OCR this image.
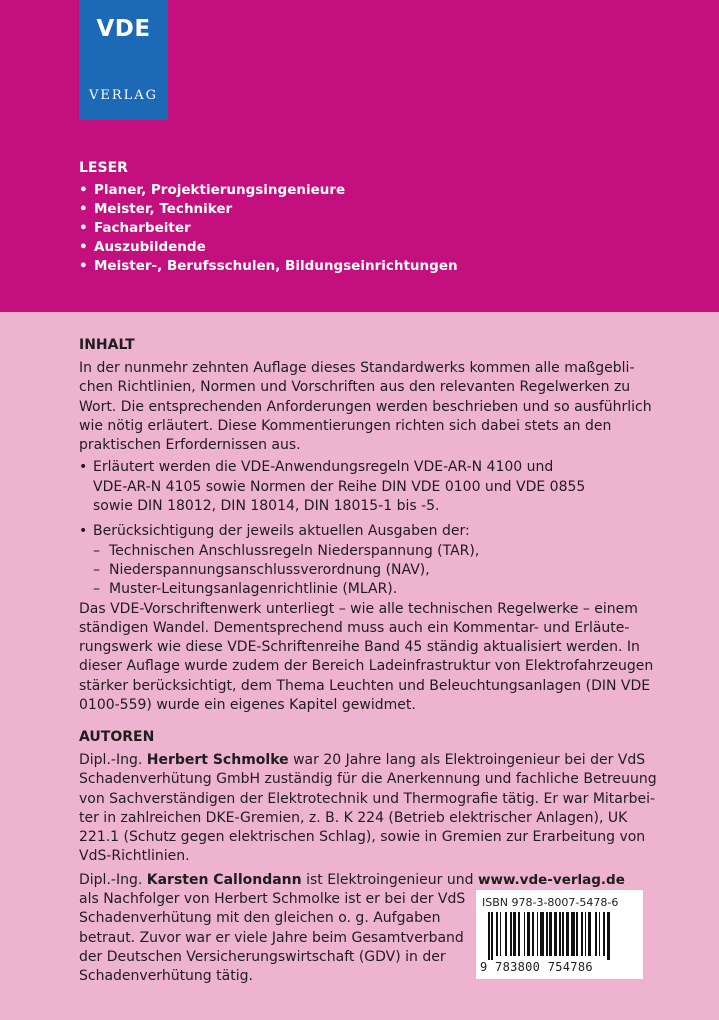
VDE
VERLAG
LESER
• Planer, Projektierungsingenieure
• Meister, Techniker
• Facharbeiter
• Auszubildende
• Meister-, Berufsschulen, Bildungseinrichtungen
INHALT
In der nunmehr zehnten Auflage dieses Standardwerks kommen alle maßgebli-
chen Richtlinien, Normen und Vorschriften aus den relevanten Regelwerken zu
Wort. Die entsprechenden Anforderungen werden beschrieben und so ausführlich
wie nötig erläutert. Diese Kommentierungen richten sich dabei stets an den
praktischen Erfordernissen aus.
• Erläutert werden die VDE-Anwendungsregeln VDE-AR-N 4100 und
VDE-AR-N 4105 sowie Normen der Reihe DIN VDE 0100 und VDE 0855
sowie DIN 18012, DIN 18014, DIN 18015-1 bis -5.
• Berücksichtigung der jeweils aktuellen Ausgaben der:
– Technischen Anschlussregeln Niederspannung (TAR),
– Niederspannungsanschlussverordnung (NAV),
– Muster-Leitungsanlagenrichtlinie (MLAR).
Das VDE-Vorschriftenwerk unterliegt – wie alle technischen Regelwerke – einem
ständigen Wandel. Dementsprechend muss auch ein Kommentar- und Erläute-
rungswerk wie diese VDE-Schriftenreihe Band 45 ständig aktualisiert werden. In
dieser Auflage wurde zudem der Bereich Ladeinfrastruktur von Elektrofahrzeugen
stärker berücksichtigt, dem Thema Leuchten und Beleuchtungsanlagen (DIN VDE
0100-559) wurde ein eigenes Kapitel gewidmet.
AUTOREN
Dipl.-Ing. Herbert Schmolke war 20 Jahre lang als Elektroingenieur bei der VdS
Schadenverhütung GmbH zuständig für die Anerkennung und fachliche Betreuung
von Sachverständigen der Elektrotechnik und Thermografie tätig. Er war Mitarbei-
ter in zahlreichen DKE-Gremien, z. B. K 224 (Betrieb elektrischer Anlagen), UK
221.1 (Schutz gegen elektrischen Schlag), sowie in Gremien zur Erarbeitung von
VdS-Richtlinien.
Dipl.-Ing. Karsten Callondann ist Elektroingenieur und
als Nachfolger von Herbert Schmolke ist er bei der VdS
Schadenverhütung mit den gleichen o. g. Aufgaben
betraut. Zuvor war er viele Jahre beim Gesamtverband
der Deutschen Versicherungswirtschaft (GDV) in der
Schadenverhütung tätig.
www.vde-verlag.de
ISBN 978-3-8007-5478-6
9 783800 754786
